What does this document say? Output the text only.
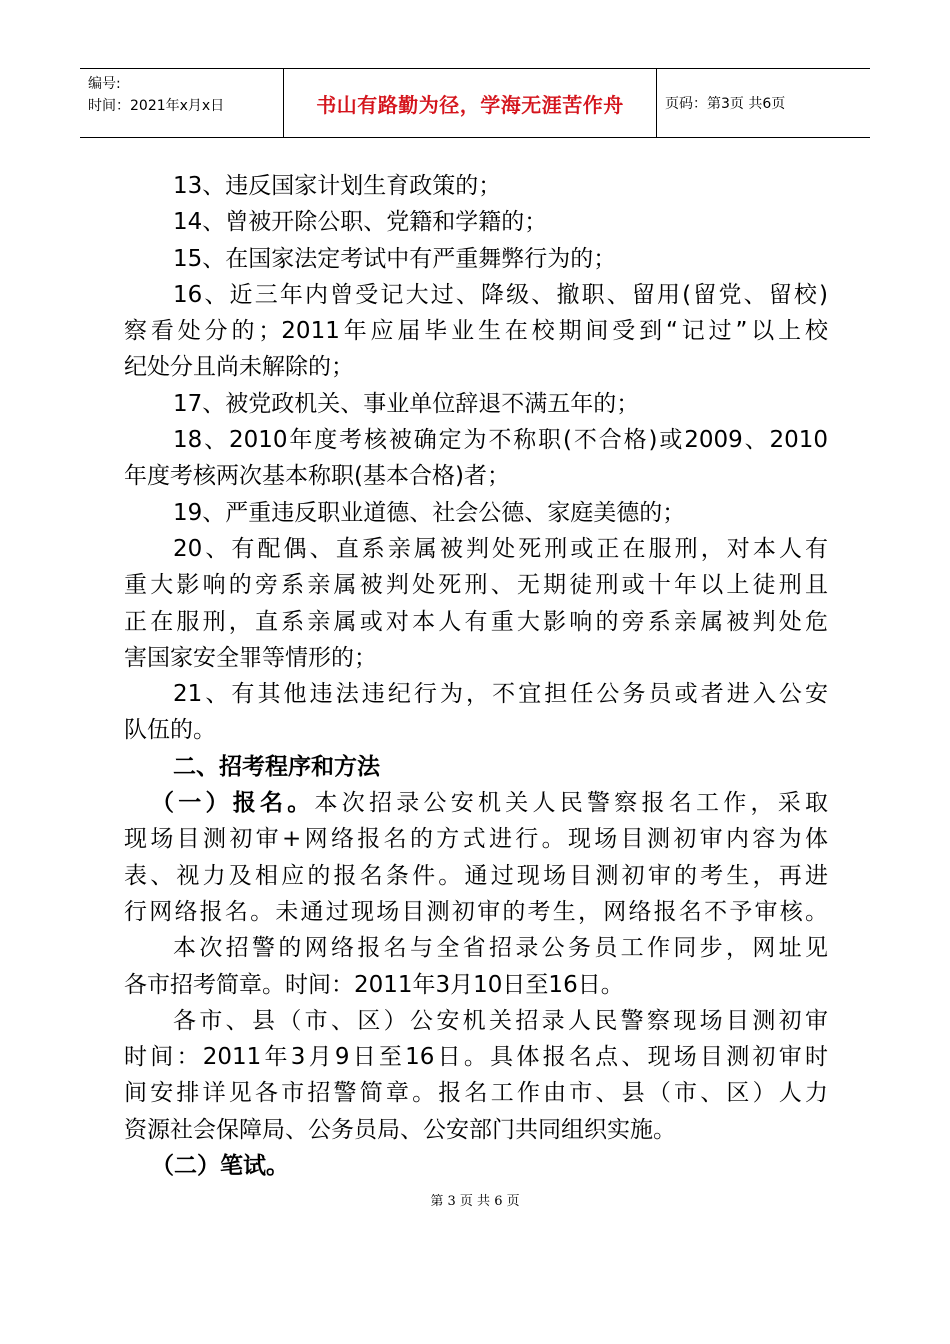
编号:
时间：2021年x月x日	书山有路勤为径，学海无涯苦作舟	页码：第3页 共6页
13、违反国家计划生育政策的；
14、曾被开除公职、党籍和学籍的；
15、在国家法定考试中有严重舞弊行为的；
16、近三年内曾受记大过、降级、撤职、留用(留党、留校)
察看处分的；2011年应届毕业生在校期间受到“记过”以上校
纪处分且尚未解除的；
17、被党政机关、事业单位辞退不满五年的；
18、2010年度考核被确定为不称职(不合格)或2009、2010
年度考核两次基本称职(基本合格)者；
19、严重违反职业道德、社会公德、家庭美德的；
20、有配偶、直系亲属被判处死刑或正在服刑，对本人有
重大影响的旁系亲属被判处死刑、无期徒刑或十年以上徒刑且
正在服刑，直系亲属或对本人有重大影响的旁系亲属被判处危
害国家安全罪等情形的；
21、有其他违法违纪行为，不宜担任公务员或者进入公安
队伍的。
二、招考程序和方法
（一）报名。本次招录公安机关人民警察报名工作，采取
现场目测初审+网络报名的方式进行。现场目测初审内容为体
表、视力及相应的报名条件。通过现场目测初审的考生，再进
行网络报名。未通过现场目测初审的考生，网络报名不予审核。
本次招警的网络报名与全省招录公务员工作同步，网址见
各市招考简章。时间：2011年3月10日至16日。
各市、县（市、区）公安机关招录人民警察现场目测初审
时间：2011年3月9日至16日。具体报名点、现场目测初审时
间安排详见各市招警简章。报名工作由市、县（市、区）人力
资源社会保障局、公务员局、公安部门共同组织实施。
（二）笔试。
第 3 页 共 6 页
